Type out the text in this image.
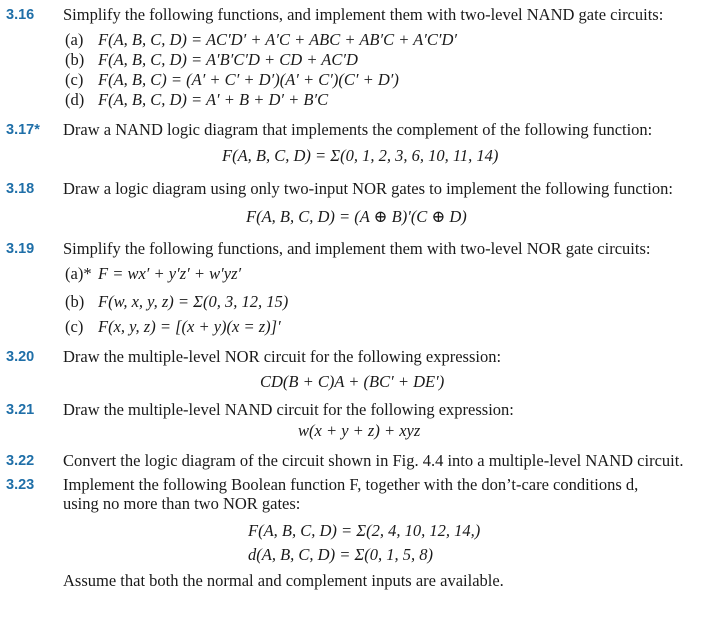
3.16 Simplify the following functions, and implement them with two-level NAND gate circuits:
(a) F(A, B, C, D) = AC′D′ + A′C + ABC + AB′C + A′C′D′
(b) F(A, B, C, D) = A′B′C′D + CD + AC′D
(c) F(A, B, C) = (A′ + C′ + D′)(A′ + C′)(C′ + D′)
(d) F(A, B, C, D) = A′ + B + D′ + B′C
3.17* Draw a NAND logic diagram that implements the complement of the following function:
F(A, B, C, D) = Σ(0, 1, 2, 3, 6, 10, 11, 14)
3.18 Draw a logic diagram using only two-input NOR gates to implement the following function:
F(A, B, C, D) = (A ⊕ B)′(C ⊕ D)
3.19 Simplify the following functions, and implement them with two-level NOR gate circuits:
(a)* F = wx′ + y′z′ + w′yz′
(b) F(w, x, y, z) = Σ(0, 3, 12, 15)
(c) F(x, y, z) = [(x + y)(x = z)]′
3.20 Draw the multiple-level NOR circuit for the following expression:
CD(B + C)A + (BC′ + DE′)
3.21 Draw the multiple-level NAND circuit for the following expression:
w(x + y + z) + xyz
3.22 Convert the logic diagram of the circuit shown in Fig. 4.4 into a multiple-level NAND circuit.
3.23 Implement the following Boolean function F, together with the don’t-care conditions d,
using no more than two NOR gates:
F(A, B, C, D) = Σ(2, 4, 10, 12, 14,)
d(A, B, C, D) = Σ(0, 1, 5, 8)
Assume that both the normal and complement inputs are available.
